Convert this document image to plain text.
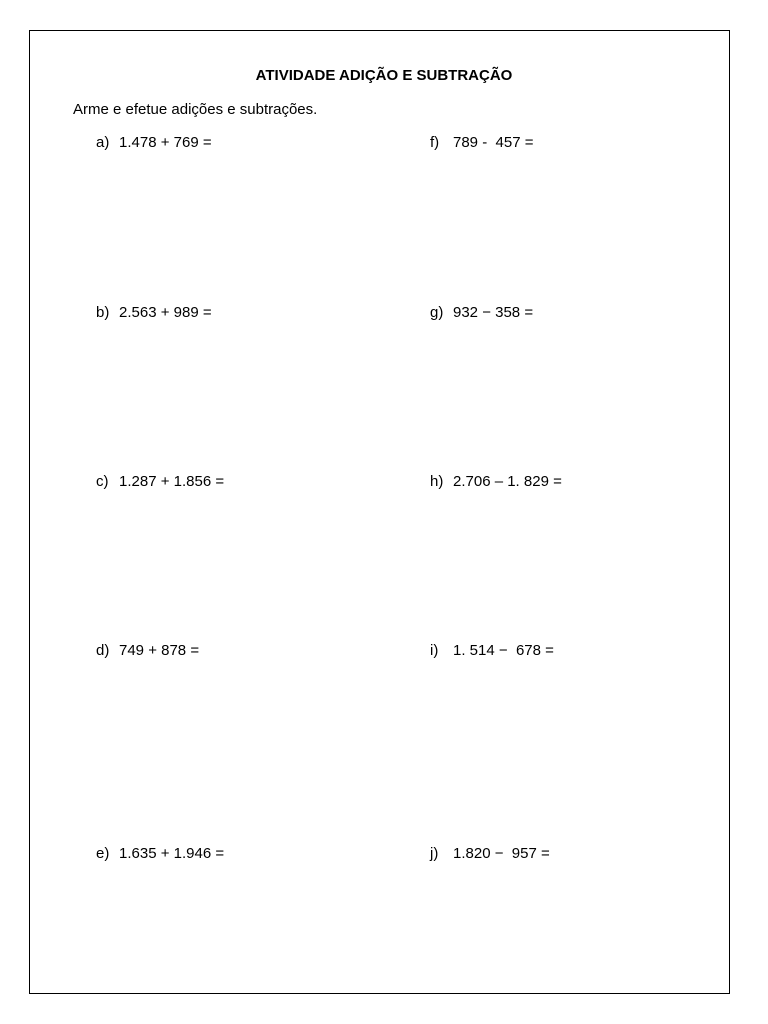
ATIVIDADE ADIÇÃO E SUBTRAÇÃO
Arme e efetue adições e subtrações.
a) 1.478 + 769 =
b) 2.563 + 989 =
c) 1.287 + 1.856 =
d) 749 + 878 =
e) 1.635 + 1.946 =
f) 789 -  457 =
g) 932 − 358 =
h) 2.706 – 1. 829 =
i) 1. 514 −  678 =
j) 1.820 −  957 =
